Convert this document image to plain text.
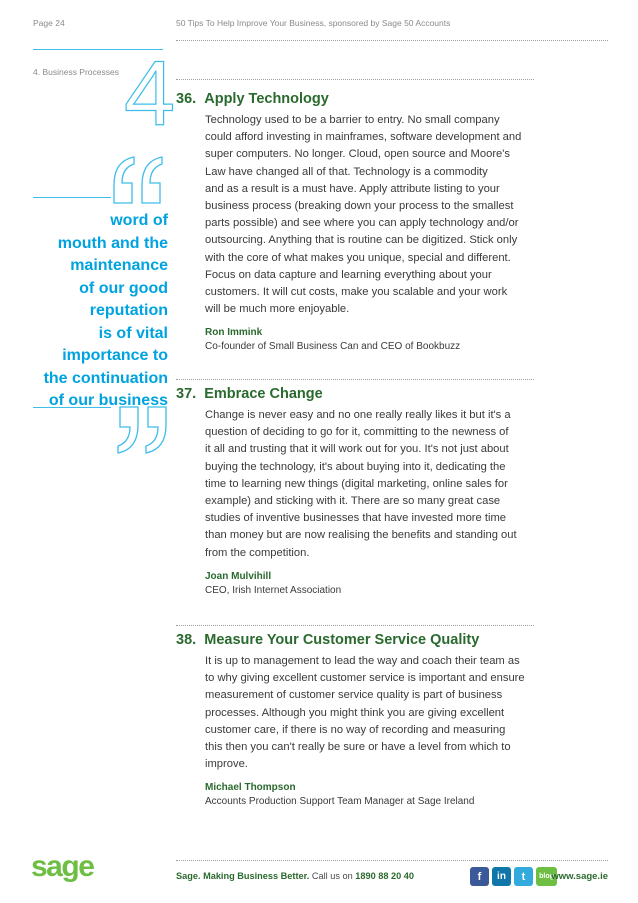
Page 24	50 Tips To Help Improve Your Business, sponsored by Sage 50 Accounts
4. Business Processes 4
word of
mouth and the
maintenance
of our good
reputation
is of vital
importance to
the continuation
of our business
36. Apply Technology
Technology used to be a barrier to entry. No small company
could afford investing in mainframes, software development and
super computers. No longer. Cloud, open source and Moore's
Law have changed all of that. Technology is a commodity
and as a result is a must have. Apply attribute listing to your
business process (breaking down your process to the smallest
parts possible) and see where you can apply technology and/or
outsourcing. Anything that is routine can be digitized. Stick only
with the core of what makes you unique, special and different.
Focus on data capture and learning everything about your
customers. It will cut costs, make you scalable and your work
will be much more enjoyable.
Ron Immink
Co-founder of Small Business Can and CEO of Bookbuzz
37. Embrace Change
Change is never easy and no one really really likes it but it's a
question of deciding to go for it, committing to the newness of
it all and trusting that it will work out for you. It's not just about
buying the technology, it's about buying into it, dedicating the
time to learning new things (digital marketing, online sales for
example) and sticking with it. There are so many great case
studies of inventive businesses that have invested more time
than money but are now realising the benefits and standing out
from the competition.
Joan Mulvihill
CEO, Irish Internet Association
38. Measure Your Customer Service Quality
It is up to management to lead the way and coach their team as
to why giving excellent customer service is important and ensure
measurement of customer service quality is part of business
processes. Although you might think you are giving excellent
customer care, if there is no way of recording and measuring
this then you can't really be sure or have a level from which to
improve.
Michael Thompson
Accounts Production Support Team Manager at Sage Ireland
sage	Sage. Making Business Better. Call us on 1890 88 20 40	f	in	t	blog
www.sage.ie
